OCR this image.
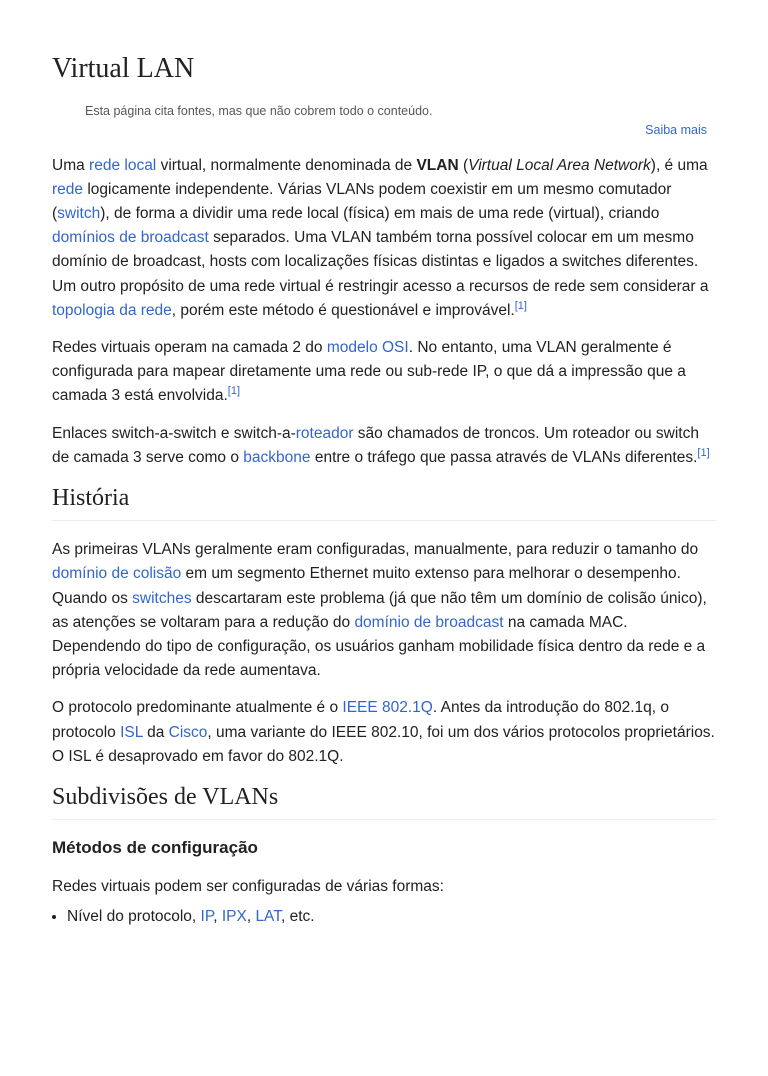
Virtual LAN
Esta página cita fontes, mas que não cobrem todo o conteúdo.
Saiba mais

Uma rede local virtual, normalmente denominada de VLAN (Virtual Local Area Network), é uma rede logicamente independente. Várias VLANs podem coexistir em um mesmo comutador (switch), de forma a dividir uma rede local (física) em mais de uma rede (virtual), criando domínios de broadcast separados. Uma VLAN também torna possível colocar em um mesmo domínio de broadcast, hosts com localizações físicas distintas e ligados a switches diferentes. Um outro propósito de uma rede virtual é restringir acesso a recursos de rede sem considerar a topologia da rede, porém este método é questionável e improvável.[1]

Redes virtuais operam na camada 2 do modelo OSI. No entanto, uma VLAN geralmente é configurada para mapear diretamente uma rede ou sub-rede IP, o que dá a impressão que a camada 3 está envolvida.[1]

Enlaces switch-a-switch e switch-a-roteador são chamados de troncos. Um roteador ou switch de camada 3 serve como o backbone entre o tráfego que passa através de VLANs diferentes.[1]

História

As primeiras VLANs geralmente eram configuradas, manualmente, para reduzir o tamanho do domínio de colisão em um segmento Ethernet muito extenso para melhorar o desempenho. Quando os switches descartaram este problema (já que não têm um domínio de colisão único), as atenções se voltaram para a redução do domínio de broadcast na camada MAC. Dependendo do tipo de configuração, os usuários ganham mobilidade física dentro da rede e a própria velocidade da rede aumentava.

O protocolo predominante atualmente é o IEEE 802.1Q. Antes da introdução do 802.1q, o protocolo ISL da Cisco, uma variante do IEEE 802.10, foi um dos vários protocolos proprietários. O ISL é desaprovado em favor do 802.1Q.

Subdivisões de VLANs
Métodos de configuração

Redes virtuais podem ser configuradas de várias formas:

• Nível do protocolo, IP, IPX, LAT, etc.
